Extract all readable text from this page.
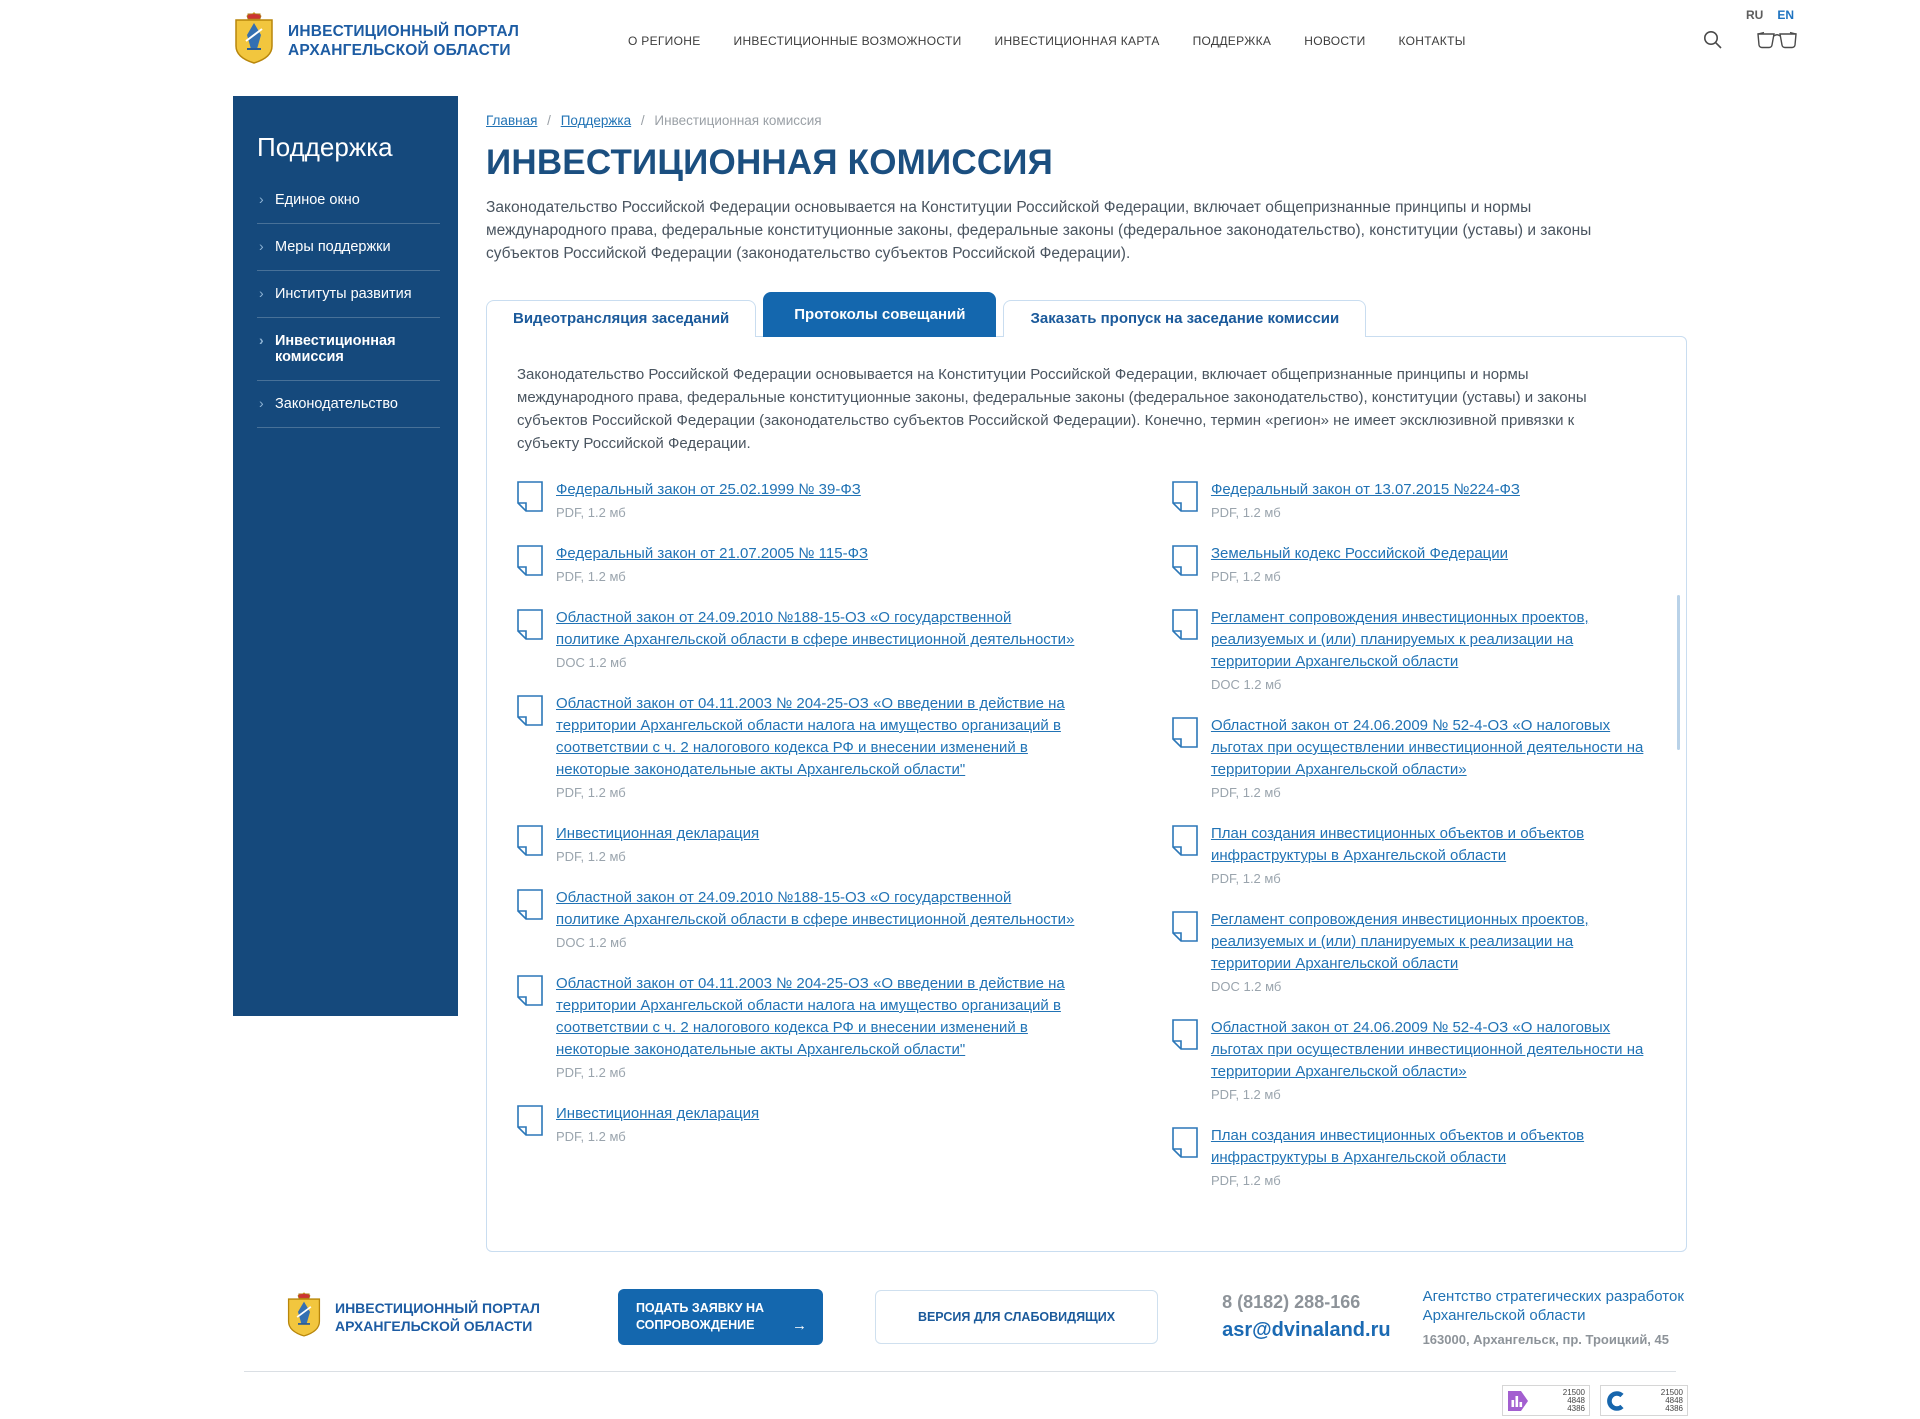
ИНВЕСТИЦИОННЫЙ ПОРТАЛ
АРХАНГЕЛЬСКОЙ ОБЛАСТИ
О РЕГИОНЕ	ИНВЕСТИЦИОННЫЕ ВОЗМОЖНОСТИ	ИНВЕСТИЦИОННАЯ КАРТА	ПОДДЕРЖКА	НОВОСТИ	КОНТАКТЫ
RU EN
Поддержка
› Единое окно
› Меры поддержки
› Институты развития
› Инвестиционная комиссия
› Законодательство
Главная / Поддержка / Инвестиционная комиссия
ИНВЕСТИЦИОННАЯ КОМИССИЯ

Законодательство Российской Федерации основывается на Конституции Российской Федерации, включает общепризнанные принципы и нормы международного права, федеральные конституционные законы, федеральные законы (федеральное законодательство), конституции (уставы) и законы субъектов Российской Федерации (законодательство субъектов Российской Федерации).

Видеотрансляция заседаний	Протоколы совещаний	Заказать пропуск на заседание комиссии

Законодательство Российской Федерации основывается на Конституции Российской Федерации, включает общепризнанные принципы и нормы международного права, федеральные конституционные законы, федеральные законы (федеральное законодательство), конституции (уставы) и законы субъектов Российской Федерации (законодательство субъектов Российской Федерации). Конечно, термин «регион» не имеет эксклюзивной привязки к субъекту Российской Федерации.

Федеральный закон от 25.02.1999 № 39-ФЗ
PDF, 1.2 мб
Федеральный закон от 21.07.2005 № 115-ФЗ
PDF, 1.2 мб
Областной закон от 24.09.2010 №188-15-ОЗ «О государственной политике Архангельской области в сфере инвестиционной деятельности»
DOC 1.2 мб
Областной закон от 04.11.2003 № 204-25-ОЗ «О введении в действие на территории Архангельской области налога на имущество организаций в соответствии с ч. 2 налогового кодекса РФ и внесении изменений в некоторые законодательные акты Архангельской области"
PDF, 1.2 мб
Инвестиционная декларация
PDF, 1.2 мб
Областной закон от 24.09.2010 №188-15-ОЗ «О государственной политике Архангельской области в сфере инвестиционной деятельности»
DOC 1.2 мб
Областной закон от 04.11.2003 № 204-25-ОЗ «О введении в действие на территории Архангельской области налога на имущество организаций в соответствии с ч. 2 налогового кодекса РФ и внесении изменений в некоторые законодательные акты Архангельской области"
PDF, 1.2 мб
Инвестиционная декларация
PDF, 1.2 мб
Федеральный закон от 13.07.2015 №224-ФЗ
PDF, 1.2 мб
Земельный кодекс Российской Федерации
PDF, 1.2 мб
Регламент сопровождения инвестиционных проектов, реализуемых и (или) планируемых к реализации на территории Архангельской области
DOC 1.2 мб
Областной закон от 24.06.2009 № 52-4-ОЗ «О налоговых льготах при осуществлении инвестиционной деятельности на территории Архангельской области»
PDF, 1.2 мб
План создания инвестиционных объектов и объектов инфраструктуры в Архангельской области
PDF, 1.2 мб
Регламент сопровождения инвестиционных проектов, реализуемых и (или) планируемых к реализации на территории Архангельской области
DOC 1.2 мб
Областной закон от 24.06.2009 № 52-4-ОЗ «О налоговых льготах при осуществлении инвестиционной деятельности на территории Архангельской области»
PDF, 1.2 мб
План создания инвестиционных объектов и объектов инфраструктуры в Архангельской области
PDF, 1.2 мб
ИНВЕСТИЦИОННЫЙ ПОРТАЛ
АРХАНГЕЛЬСКОЙ ОБЛАСТИ
ПОДАТЬ ЗАЯВКУ НА
СОПРОВОЖДЕНИЕ	→	ВЕРСИЯ ДЛЯ СЛАБОВИДЯЩИХ
8 (8182) 288-166
asr@dvinaland.ru
Агентство стратегических разработок
Архангельской области
163000, Архангельск, пр. Троицкий, 45
21500
4848
4386
21500
4848
4386
